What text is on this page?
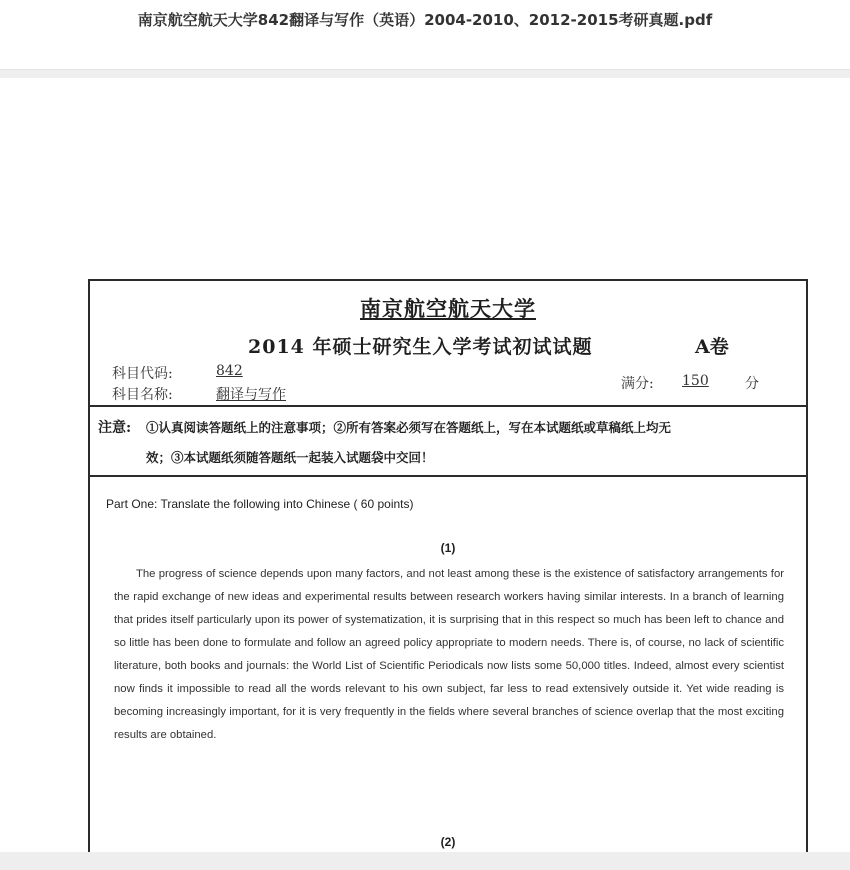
南京航空航天大学842翻译与写作（英语）2004-2010、2012-2015考研真题.pdf
南京航空航天大学
2014 年硕士研究生入学考试初试试题	A卷
科目代码:	842
科目名称:	翻译与写作
满分: 150	分
注意: ①认真阅读答题纸上的注意事项；②所有答案必须写在答题纸上，写在本试题纸或草稿纸上均无
效；③本试题纸须随答题纸一起装入试题袋中交回！
Part One: Translate the following into Chinese ( 60 points)
(1)
The progress of science depends upon many factors, and not least among these is the existence of satisfactory arrangements for the rapid exchange of new ideas and experimental results between research workers having similar interests. In a branch of learning that prides itself particularly upon its power of systematization, it is surprising that in this respect so much has been left to chance and so little has been done to formulate and follow an agreed policy appropriate to modern needs. There is, of course, no lack of scientific literature, both books and journals: the World List of Scientific Periodicals now lists some 50,000 titles. Indeed, almost every scientist now finds it impossible to read all the words relevant to his own subject, far less to read extensively outside it. Yet wide reading is becoming increasingly important, for it is very frequently in the fields where several branches of science overlap that the most exciting results are obtained.
(2)
